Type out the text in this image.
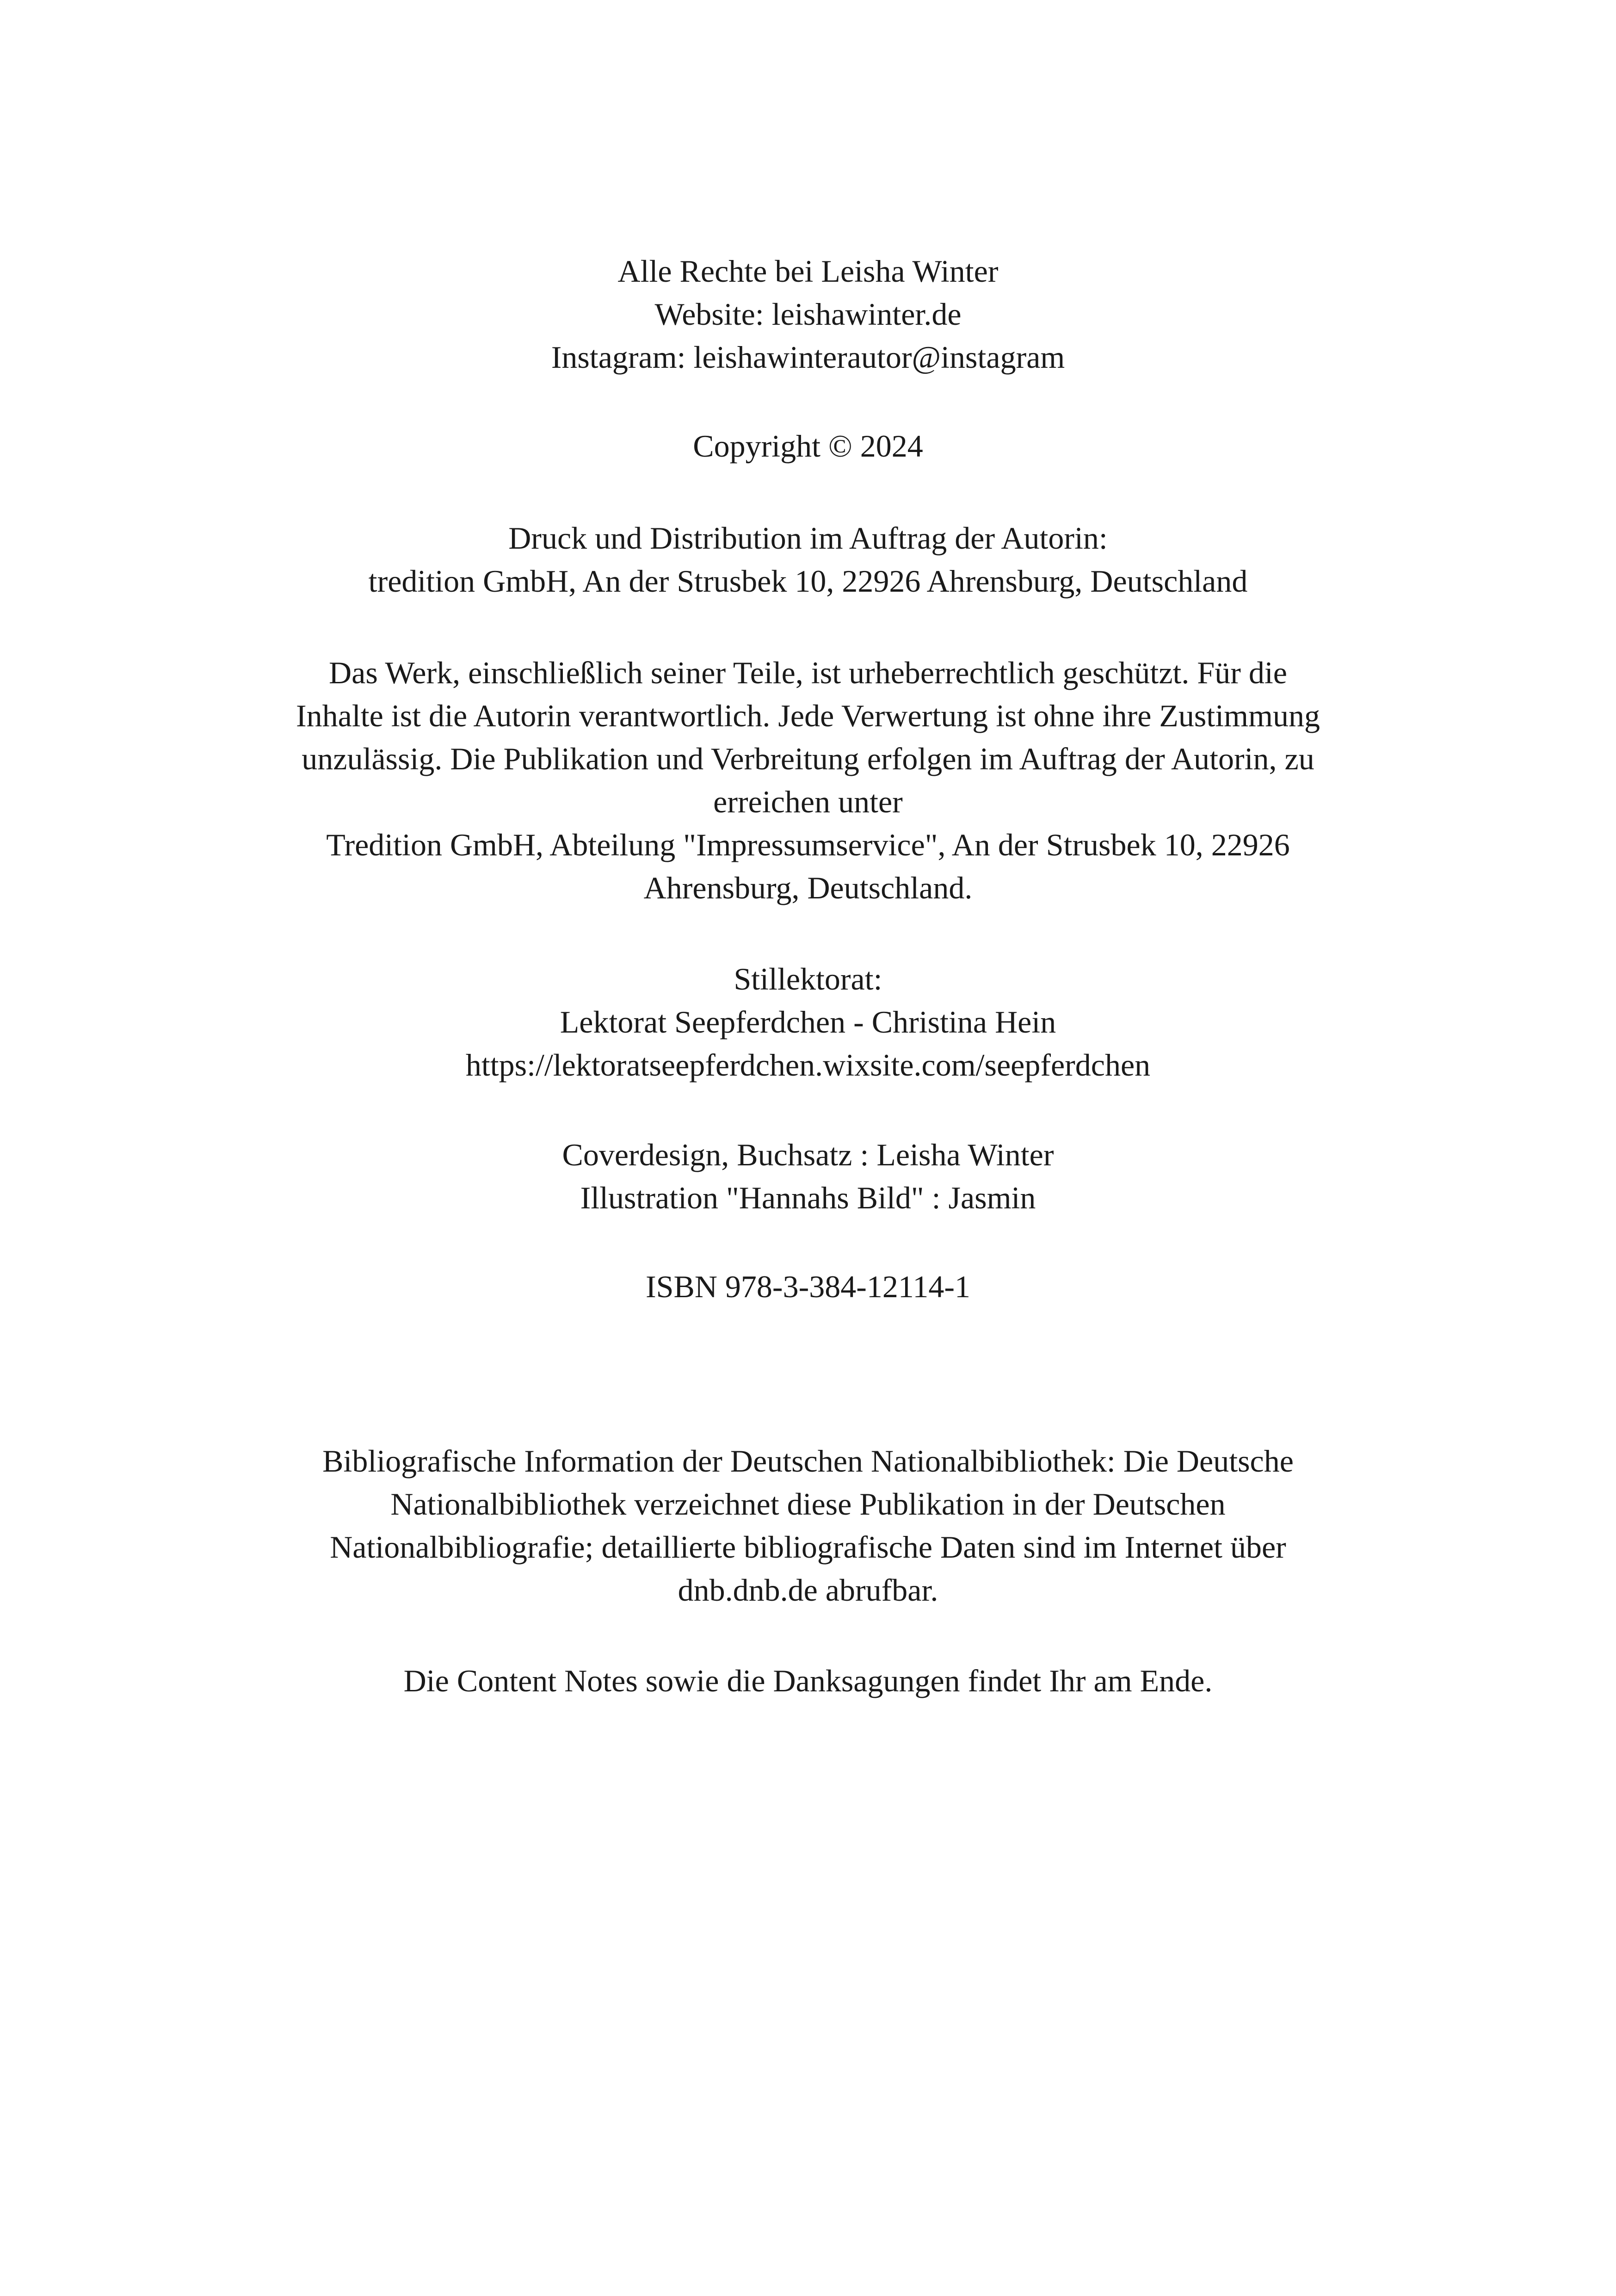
Alle Rechte bei Leisha Winter
Website: leishawinter.de
Instagram: leishawinterautor@instagram
Copyright © 2024
Druck und Distribution im Auftrag der Autorin:
tredition GmbH, An der Strusbek 10, 22926 Ahrensburg, Deutschland
Das Werk, einschließlich seiner Teile, ist urheberrechtlich geschützt. Für die
Inhalte ist die Autorin verantwortlich. Jede Verwertung ist ohne ihre Zustimmung
unzulässig. Die Publikation und Verbreitung erfolgen im Auftrag der Autorin, zu
erreichen unter
Tredition GmbH, Abteilung "Impressumservice", An der Strusbek 10, 22926
Ahrensburg, Deutschland.
Stillektorat:
Lektorat Seepferdchen - Christina Hein
https://lektoratseepferdchen.wixsite.com/seepferdchen
Coverdesign, Buchsatz : Leisha Winter
Illustration "Hannahs Bild" : Jasmin
ISBN 978-3-384-12114-1
Bibliografische Information der Deutschen Nationalbibliothek: Die Deutsche
Nationalbibliothek verzeichnet diese Publikation in der Deutschen
Nationalbibliografie; detaillierte bibliografische Daten sind im Internet über
dnb.dnb.de abrufbar.
Die Content Notes sowie die Danksagungen findet Ihr am Ende.
